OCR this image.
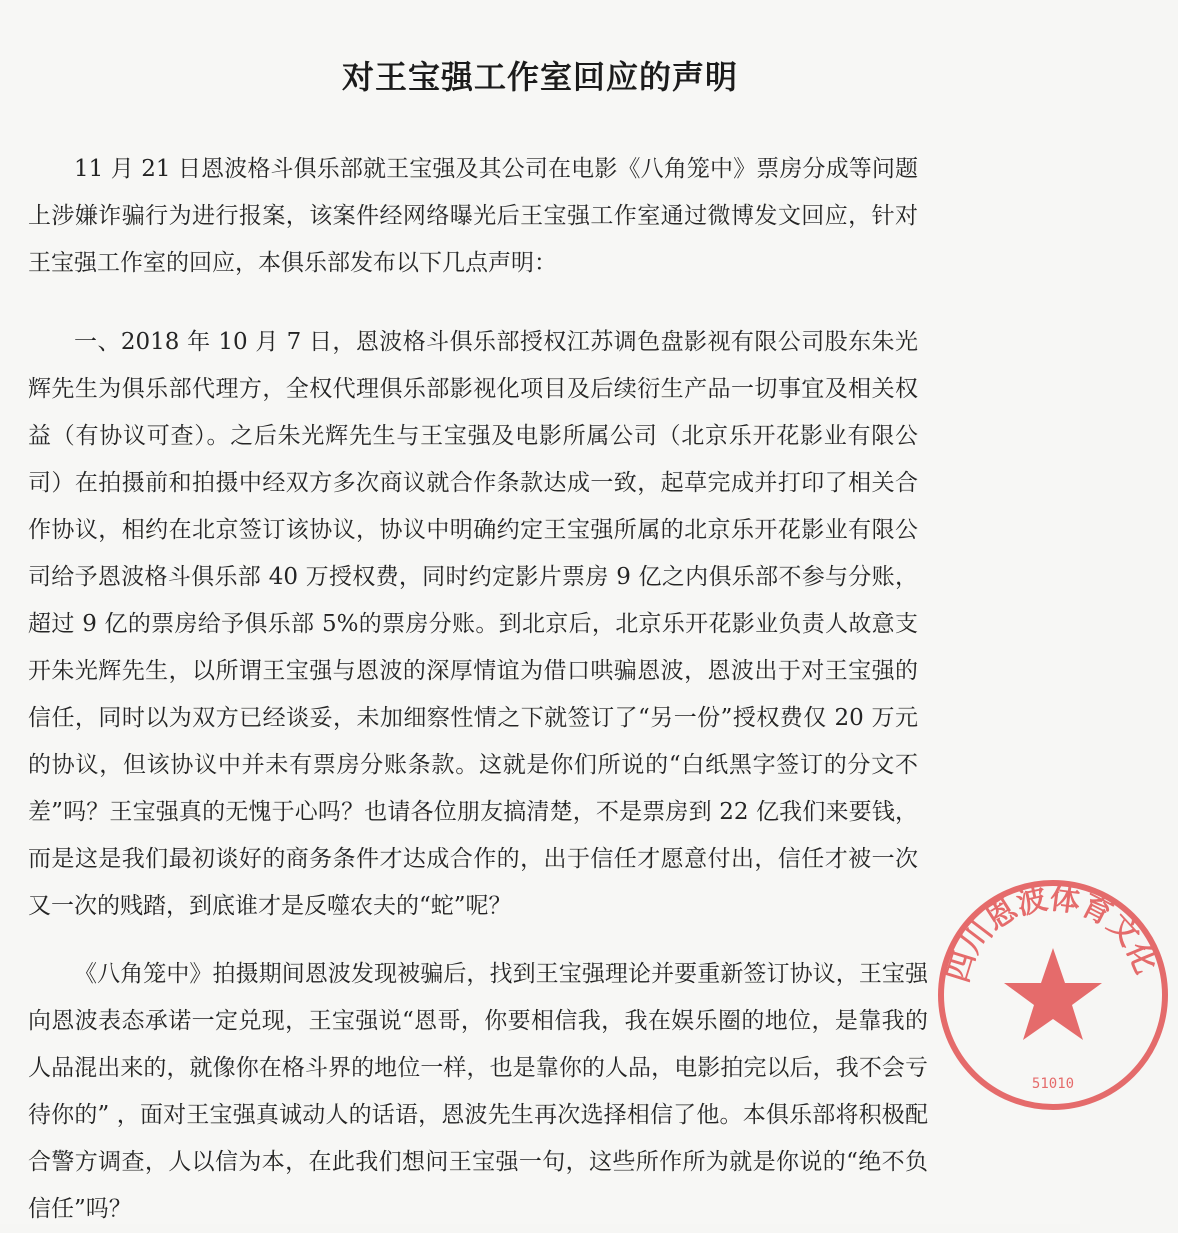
对王宝强工作室回应的声明

11 月 21 日恩波格斗俱乐部就王宝强及其公司在电影《八角笼中》票房分成等问题上涉嫌诈骗行为进行报案，该案件经网络曝光后王宝强工作室通过微博发文回应，针对王宝强工作室的回应，本俱乐部发布以下几点声明：

一、2018 年 10 月 7 日，恩波格斗俱乐部授权江苏调色盘影视有限公司股东朱光辉先生为俱乐部代理方，全权代理俱乐部影视化项目及后续衍生产品一切事宜及相关权益（有协议可查）。之后朱光辉先生与王宝强及电影所属公司（北京乐开花影业有限公司）在拍摄前和拍摄中经双方多次商议就合作条款达成一致，起草完成并打印了相关合作协议，相约在北京签订该协议，协议中明确约定王宝强所属的北京乐开花影业有限公司给予恩波格斗俱乐部 40 万授权费，同时约定影片票房 9 亿之内俱乐部不参与分账，超过 9 亿的票房给予俱乐部 5%的票房分账。到北京后，北京乐开花影业负责人故意支开朱光辉先生，以所谓王宝强与恩波的深厚情谊为借口哄骗恩波，恩波出于对王宝强的信任，同时以为双方已经谈妥，未加细察性情之下就签订了“另一份”授权费仅 20 万元的协议，但该协议中并未有票房分账条款。这就是你们所说的“白纸黑字签订的分文不差”吗？王宝强真的无愧于心吗？也请各位朋友搞清楚，不是票房到 22 亿我们来要钱，而是这是我们最初谈好的商务条件才达成合作的，出于信任才愿意付出，信任才被一次又一次的贱踏，到底谁才是反噬农夫的“蛇”呢？

《八角笼中》拍摄期间恩波发现被骗后，找到王宝强理论并要重新签订协议，王宝强向恩波表态承诺一定兑现，王宝强说“恩哥，你要相信我，我在娱乐圈的地位，是靠我的人品混出来的，就像你在格斗界的地位一样，也是靠你的人品，电影拍完以后，我不会亏待你的” ，面对王宝强真诚动人的话语，恩波先生再次选择相信了他。本俱乐部将积极配合警方调查，人以信为本，在此我们想问王宝强一句，这些所作所为就是你说的“绝不负信任”吗？

四川恩波体育文化
51010
